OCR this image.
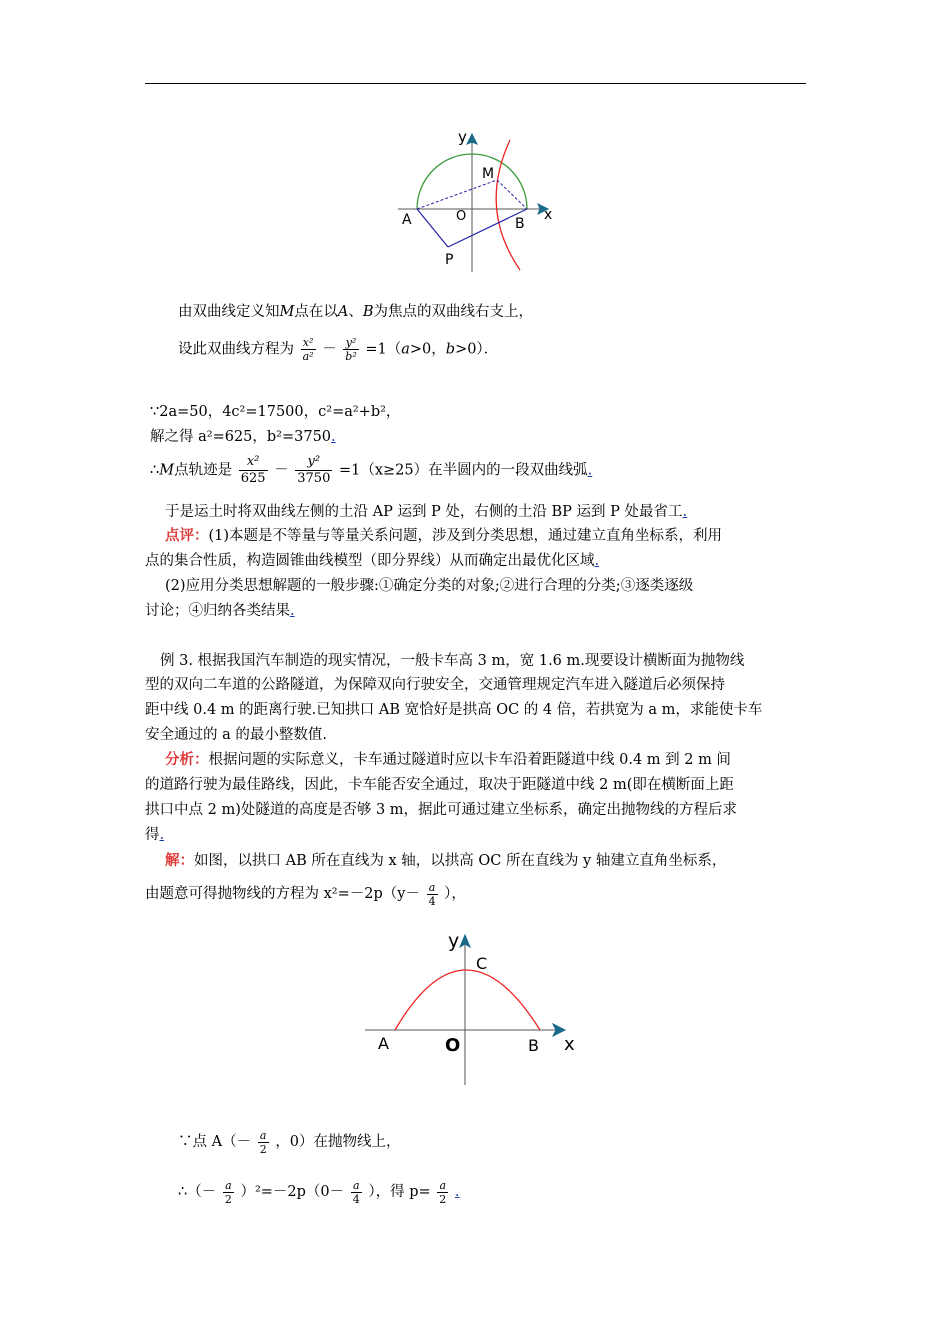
y
x
A	O	B
M
P
由双曲线定义知M点在以A、B为焦点的双曲线右支上，
设此双曲线方程为 $\frac{\text{x²}}{\text{a²}} - \frac{\text{y²}}{\text{b²}} =1(a>0$，b>0）．
∵2a=50，4c²=17500，c²=a²+b²，
解之得 a²=625，b²=3750.
∴M点轨迹是 $\frac{\text{x²}}{625} - \frac{\text{y²}}{3750} =1(x\ge 25)$在半圆内的一段双曲线弧.
于是运土时将双曲线左侧的土沿 AP 运到 P 处，右侧的土沿 BP 运到 P 处最省工.
点评：(1)本题是不等量与等量关系问题，涉及到分类思想，通过建立直角坐标系，利用
点的集合性质，构造圆锥曲线模型（即分界线）从而确定出最优化区域.
(2)应用分类思想解题的一般步骤:①确定分类的对象;②进行合理的分类;③逐类逐级
讨论；④归纳各类结果.
例 3. 根据我国汽车制造的现实情况，一般卡车高 3 m，宽 1.6 m.现要设计横断面为抛物线
型的双向二车道的公路隧道，为保障双向行驶安全，交通管理规定汽车进入隧道后必须保持
距中线 0.4 m 的距离行驶.已知拱口 AB 宽恰好是拱高 OC 的 4 倍，若拱宽为 a m，求能使卡车
安全通过的 a 的最小整数值.
分析：根据问题的实际意义，卡车通过隧道时应以卡车沿着距隧道中线 0.4 m 到 2 m 间
的道路行驶为最佳路线，因此，卡车能否安全通过，取决于距隧道中线 2 m(即在横断面上距
拱口中点 2 m)处隧道的高度是否够 3 m，据此可通过建立坐标系，确定出抛物线的方程后求
得.
解：如图，以拱口 AB 所在直线为 x 轴，以拱高 OC 所在直线为 y 轴建立直角坐标系，
由题意可得抛物线的方程为 $x^2=-2p(y- \frac{a}{4}$ ），
y
x
C
A	O	B
∵点 $A(- \frac{a}{2}$ ，0）在抛物线上，
∴（－ $\frac{a}{2} )^2=-2p(0- \frac{a}{4}$ ），得 $p= \frac{a}{2}$ .
